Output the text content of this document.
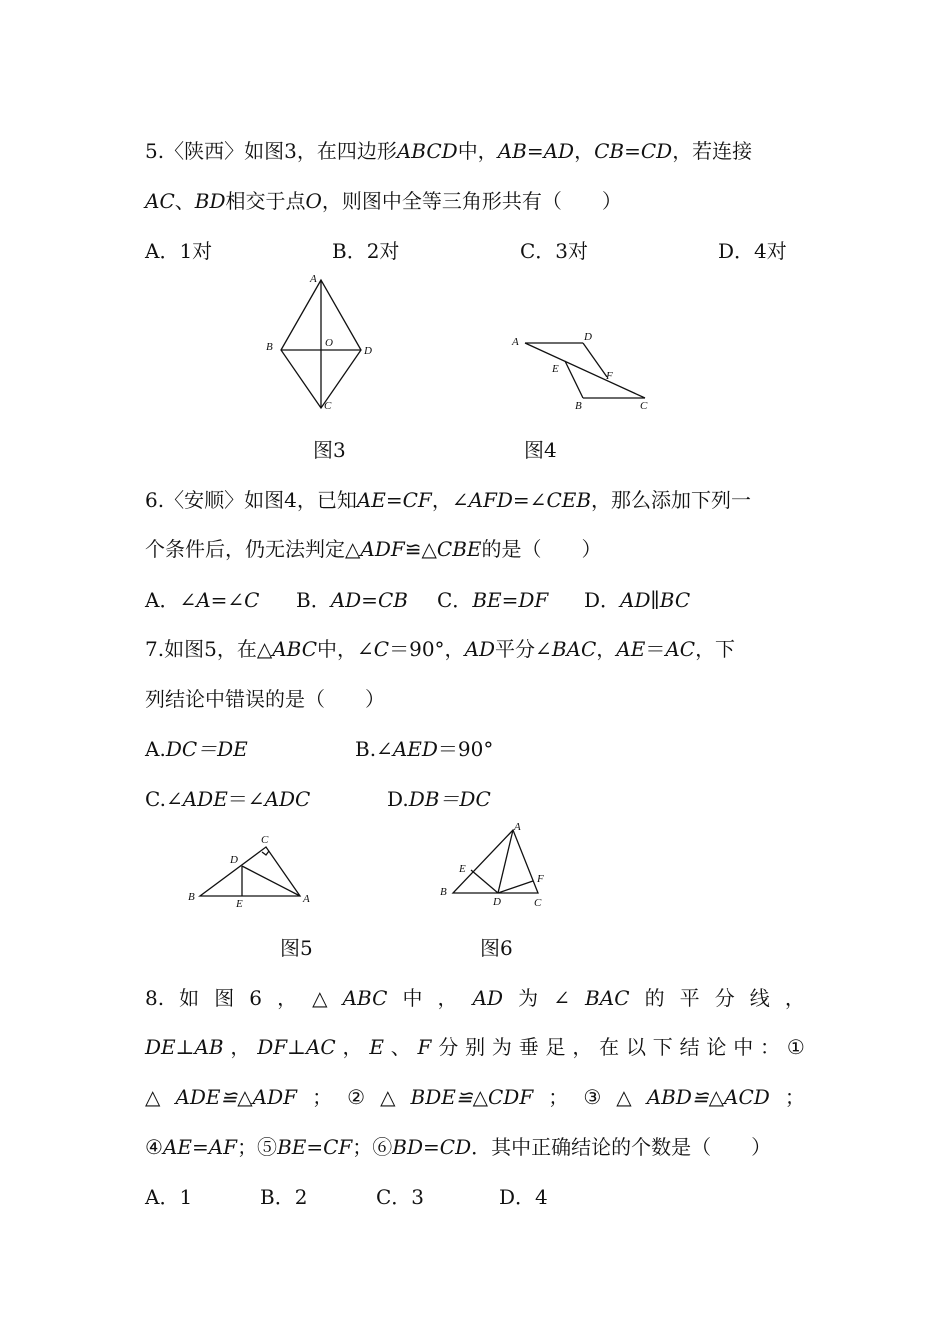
5.〈陕西〉如图3，在四边形ABCD中，AB=AD，CB=CD，若连接
AC、BD相交于点O，则图中全等三角形共有（　　）
A．1对	B．2对	C．3对	D．4对
A
B	O
D
C
图3
A	D
E
F
B	C
图4
6.〈安顺〉如图4，已知AE=CF，∠AFD=∠CEB，那么添加下列一
个条件后，仍无法判定△ADF≌△CBE的是（　　）
A．∠A=∠C B．AD=CB C．BE=DF D．AD∥BC
7.如图5，在△ABC中，∠C＝90°，AD平分∠BAC，AE＝AC，下
列结论中错误的是（　　）
A.DC＝DE	B.∠AED＝90°
C.∠ADE＝∠ADC	D.DB＝DC
C
D
B
E	A
图5
A
E
F
B
D	C
图6
8. 如 图 6 ， △ ABC 中 ， AD 为 ∠ BAC 的 平 分 线 ，
DE⊥AB ， DF⊥AC ， E 、 F 分 别 为 垂 足 ， 在 以 下 结 论 中 ： ①
△ ADE≌△ADF ； ② △ BDE≌△CDF ； ③ △ ABD≌△ACD ；
④AE=AF；⑤BE=CF；⑥BD=CD．其中正确结论的个数是（　　）
A．1	B．2	C．3	D．4
